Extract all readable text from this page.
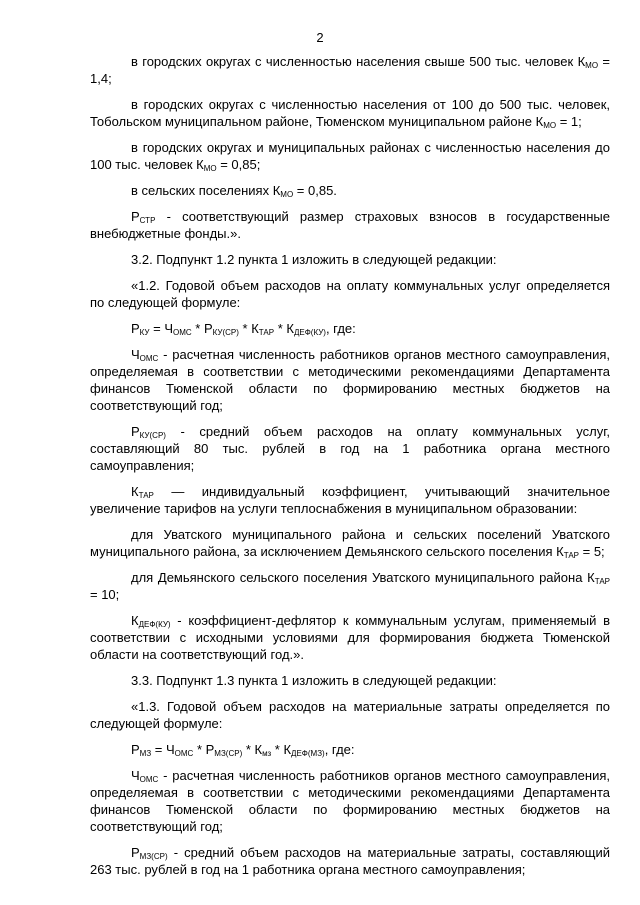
2

в городских округах с численностью населения свыше 500 тыс. человек $К_{МО} = 1,4$;

в городских округах с численностью населения от 100 до 500 тыс. человек, Тобольском муниципальном районе, Тюменском муниципальном районе $К_{МО} = 1$;

в городских округах и муниципальных районах с численностью населения до 100 тыс. человек $К_{МО} = 0,85$;

в сельских поселениях $К_{МО} = 0,85$.

$Р_{СТР}$ - соответствующий размер страховых взносов в государственные внебюджетные фонды.».

3.2. Подпункт 1.2 пункта 1 изложить в следующей редакции:

«1.2. Годовой объем расходов на оплату коммунальных услуг определяется по следующей формуле:

$Р_{КУ} = Ч_{ОМС} * Р_{КУ(СР)} * К_{ТАР} * К_{ДЕФ(КУ)}$, где:

$Ч_{ОМС}$ - расчетная численность работников органов местного самоуправления, определяемая в соответствии с методическими рекомендациями Департамента финансов Тюменской области по формированию местных бюджетов на соответствующий год;

$Р_{КУ(СР)}$ - средний объем расходов на оплату коммунальных услуг, составляющий 80 тыс. рублей в год на 1 работника органа местного самоуправления;

$К_{ТАР}$ — индивидуальный коэффициент, учитывающий значительное увеличение тарифов на услуги теплоснабжения в муниципальном образовании:

для Уватского муниципального района и сельских поселений Уватского муниципального района, за исключением Демьянского сельского поселения $К_{ТАР} = 5$;

для Демьянского сельского поселения Уватского муниципального района $К_{ТАР} = 10$;

$К_{ДЕФ(КУ)}$ - коэффициент-дефлятор к коммунальным услугам, применяемый в соответствии с исходными условиями для формирования бюджета Тюменской области на соответствующий год.».

3.3. Подпункт 1.3 пункта 1 изложить в следующей редакции:

«1.3. Годовой объем расходов на материальные затраты определяется по следующей формуле:

$Р_{МЗ} = Ч_{ОМС} * Р_{МЗ(СР)} * К_{мз} * К_{ДЕФ(МЗ)}$, где:

$Ч_{ОМС}$ - расчетная численность работников органов местного самоуправления, определяемая в соответствии с методическими рекомендациями Департамента финансов Тюменской области по формированию местных бюджетов на соответствующий год;

$Р_{МЗ(СР)}$ - средний объем расходов на материальные затраты, составляющий 263 тыс. рублей в год на 1 работника органа местного самоуправления;
